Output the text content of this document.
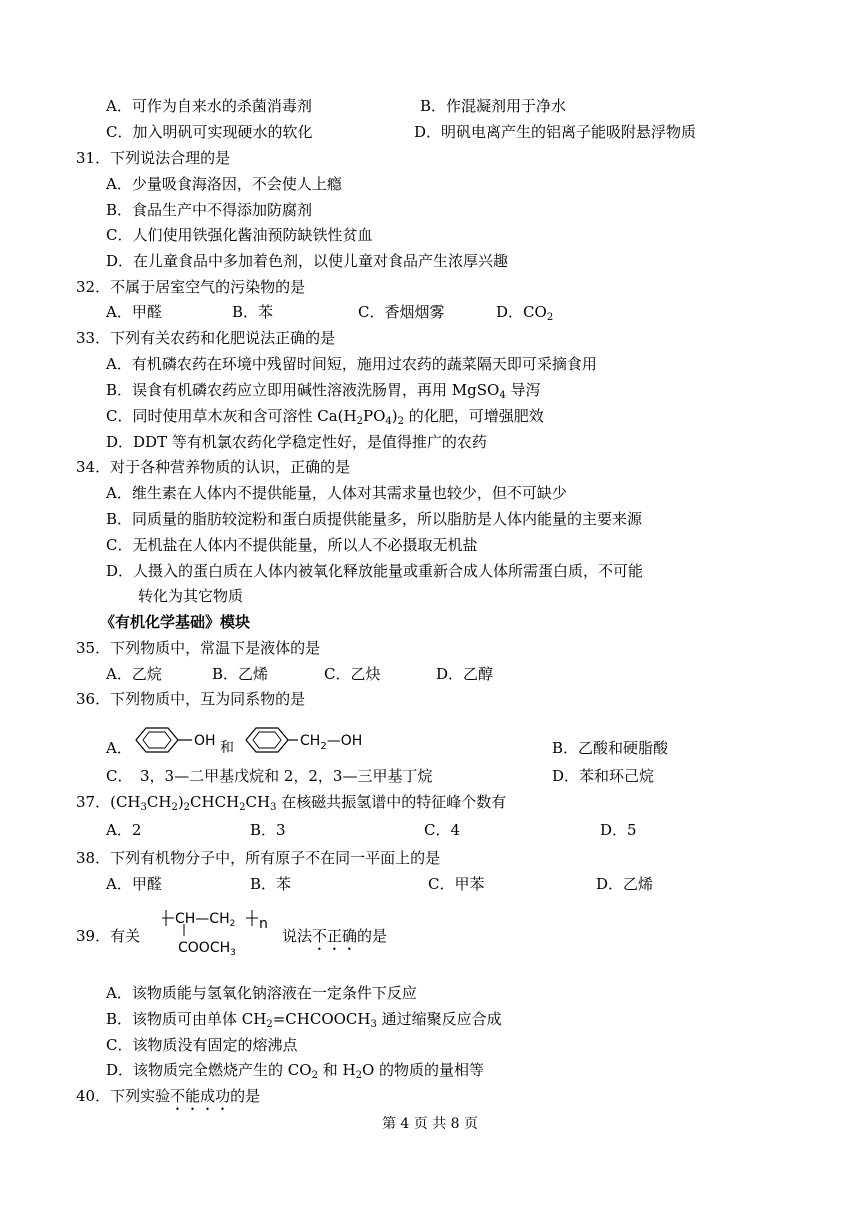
A．可作为自来水的杀菌消毒剂	B．作混凝剂用于净水
C．加入明矾可实现硬水的软化	D．明矾电离产生的铝离子能吸附悬浮物质
31．下列说法合理的是
A．少量吸食海洛因，不会使人上瘾
B．食品生产中不得添加防腐剂
C．人们使用铁强化酱油预防缺铁性贫血
D．在儿童食品中多加着色剂，以使儿童对食品产生浓厚兴趣
32．不属于居室空气的污染物的是
A．甲醛	B．苯	C．香烟烟雾	D．$CO_2$
33．下列有关农药和化肥说法正确的是
A．有机磷农药在环境中残留时间短，施用过农药的蔬菜隔天即可采摘食用
B．误食有机磷农药应立即用碱性溶液洗肠胃，再用 MgSO$_4$ 导泻
C．同时使用草木灰和含可溶性 $Ca(H_2PO_4)_2$ 的化肥，可增强肥效
D．DDT 等有机氯农药化学稳定性好，是值得推广的农药
34．对于各种营养物质的认识，正确的是
A．维生素在人体内不提供能量，人体对其需求量也较少，但不可缺少
B．同质量的脂肪较淀粉和蛋白质提供能量多，所以脂肪是人体内能量的主要来源
C．无机盐在人体内不提供能量，所以人不必摄取无机盐
D．人摄入的蛋白质在人体内被氧化释放能量或重新合成人体所需蛋白质，不可能
转化为其它物质
《有机化学基础》模块
35．下列物质中，常温下是液体的是
A．乙烷	B．乙烯	C．乙炔	D．乙醇
36．下列物质中，互为同系物的是
A．	OH 和	$CH_2—OH$	B．乙酸和硬脂酸
C．　3，3—二甲基戊烷和 2，2，3—三甲基丁烷	D．苯和环己烷
37．$(CH_3CH_2)_2CHCH_2CH_3$ 在核磁共振氢谱中的特征峰个数有
A．2	B．3	C．4	D．5
38．下列有机物分子中，所有原子不在同一平面上的是
A．甲醛	B．苯	C．甲苯	D．乙烯
39．有关
$CH—CH_2$ n
$COOCH_3$
说法不正确的是
A．该物质能与氢氧化钠溶液在一定条件下反应
B．该物质可由单体 $CH_2=CHCOOCH_3$ 通过缩聚反应合成
C．该物质没有固定的熔沸点
D．该物质完全燃烧产生的 $CO_2$ 和 $H_2O$ 的物质的量相等
40．下列实验不能成功的是
第 4 页 共 8 页
